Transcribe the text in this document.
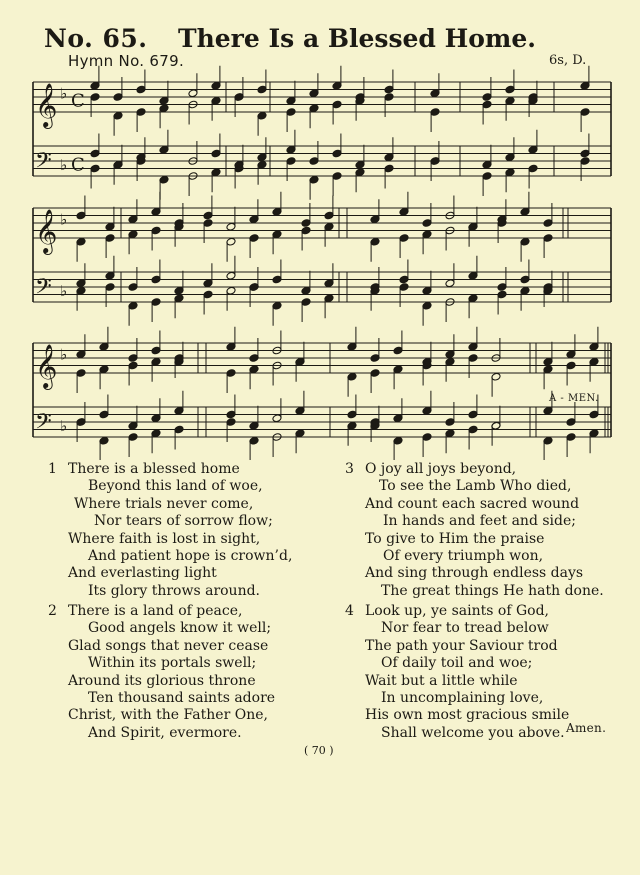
No. 65. There Is a Blessed Home.
Hymn No. 679.	6s, D.
𝄞 ♭
𝄢 ♭
C
C
𝄞 ♭
𝄢 ♭
𝄞 ♭
𝄢 ♭
A - MEN.
1 There is a blessed home
Beyond this land of woe,
Where trials never come,
Nor tears of sorrow flow;
Where faith is lost in sight,
And patient hope is crown’d,
And everlasting light
Its glory throws around.
2 There is a land of peace,
Good angels know it well;
Glad songs that never cease
Within its portals swell;
Around its glorious throne
Ten thousand saints adore
Christ, with the Father One,
And Spirit, evermore.
3 O joy all joys beyond,
To see the Lamb Who died,
And count each sacred wound
In hands and feet and side;
To give to Him the praise
Of every triumph won,
And sing through endless days
The great things He hath done.
4 Look up, ye saints of God,
Nor fear to tread below
The path your Saviour trod
Of daily toil and woe;
Wait but a little while
In uncomplaining love,
His own most gracious smile
Shall welcome you above. Amen.
( 70 )
